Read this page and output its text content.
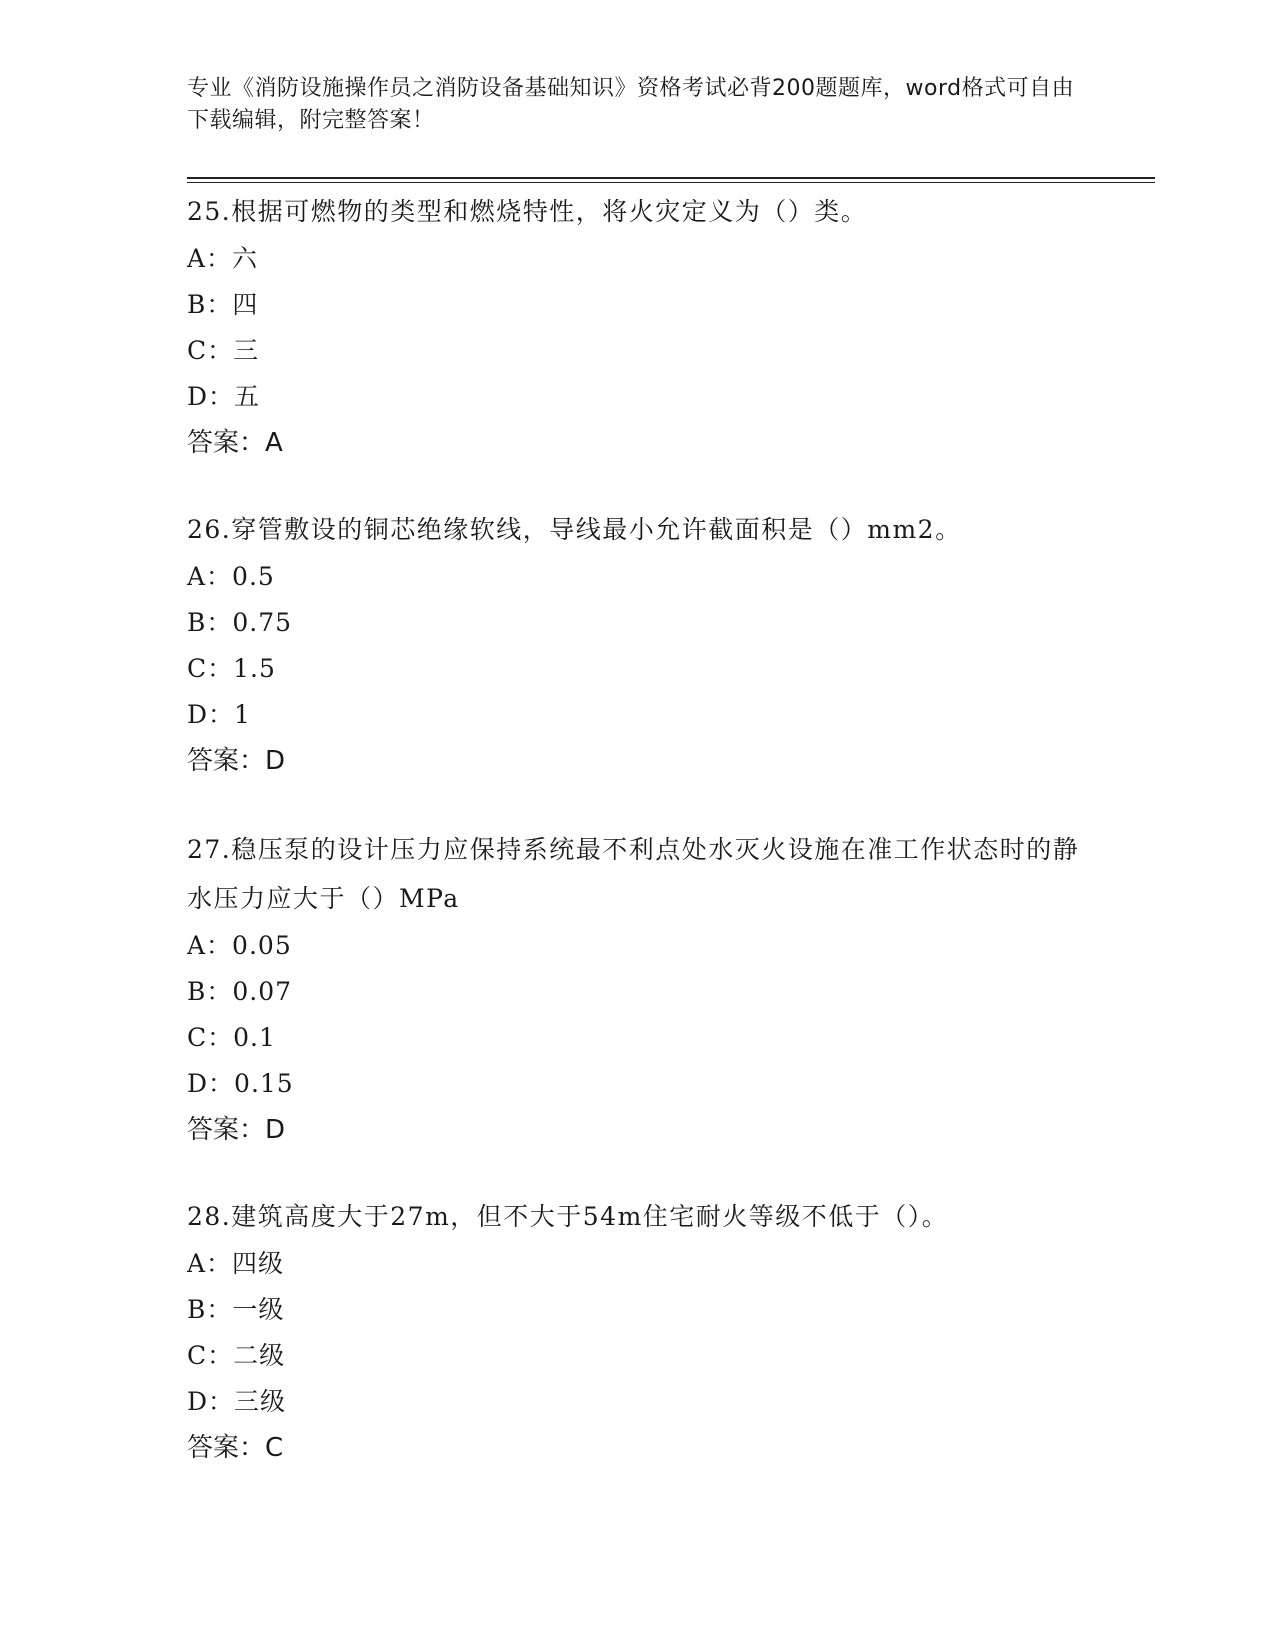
专业《消防设施操作员之消防设备基础知识》资格考试必背200题题库，word格式可自由下载编辑，附完整答案！

25.根据可燃物的类型和燃烧特性，将火灾定义为（）类。

A：六

B：四

C：三

D：五

答案：A

26.穿管敷设的铜芯绝缘软线，导线最小允许截面积是（）mm2。

A：0.5

B：0.75

C：1.5

D：1

答案：D

27.稳压泵的设计压力应保持系统最不利点处水灭火设施在准工作状态时的静水压力应大于（）MPa

A：0.05

B：0.07

C：0.1

D：0.15

答案：D

28.建筑高度大于27m，但不大于54m住宅耐火等级不低于（）。

A：四级

B：一级

C：二级

D：三级

答案：C
